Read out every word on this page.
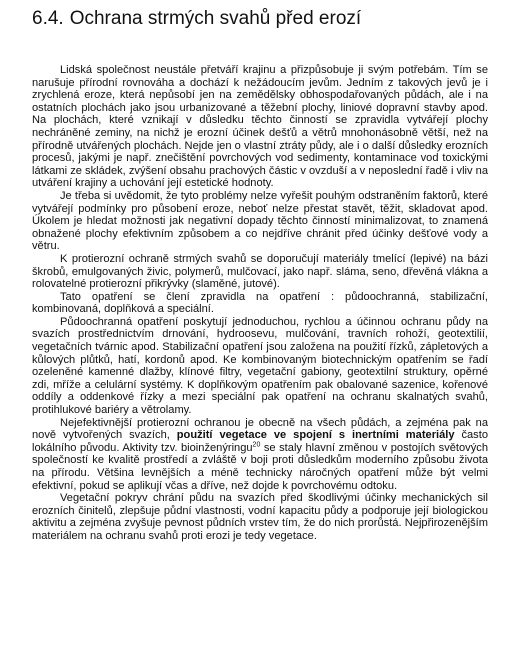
6.4. Ochrana strmých svahů před erozí

Lidská společnost neustále přetváří krajinu a přizpůsobuje ji svým potřebám. Tím se narušuje přírodní rovnováha a dochází k nežádoucím jevům. Jedním z takových jevů je i zrychlená eroze, která nepůsobí jen na zemědělsky obhospodařovaných půdách, ale i na ostatních plochách jako jsou urbanizované a těžební plochy, liniové dopravní stavby apod. Na plochách, které vznikají v důsledku těchto činností se zpravidla vytvářejí plochy nechráněné zeminy, na nichž je erozní účinek dešťů a větrů mnohonásobně větší, než na přírodně utvářených plochách. Nejde jen o vlastní ztráty půdy, ale i o další důsledky erozních procesů, jakými je např. znečištění povrchových vod sedimenty, kontaminace vod toxickými látkami ze skládek, zvýšení obsahu prachových částic v ovzduší a v neposlední řadě i vliv na utváření krajiny a uchování její estetické hodnoty.

Je třeba si uvědomit, že tyto problémy nelze vyřešit pouhým odstraněním faktorů, které vytvářejí podmínky pro působení eroze, neboť nelze přestat stavět, těžit, skladovat apod. Úkolem je hledat možnosti jak negativní dopady těchto činností minimalizovat, to znamená obnažené plochy efektivním způsobem a co nejdříve chránit před účinky dešťové vody a větru.

K protierozní ochraně strmých svahů se doporučují materiály tmelící (lepivé) na bázi škrobů, emulgovaných živic, polymerů, mulčovací, jako např. sláma, seno, dřevěná vlákna a rolovatelné protierozní přikrývky (slaměné, jutové).

Tato opatření se člení zpravidla na opatření : půdoochranná, stabilizační, kombinovaná, doplňková a speciální.

Půdoochranná opatření poskytují jednoduchou, rychlou a účinnou ochranu půdy na svazích prostřednictvím drnování, hydroosevu, mulčování, travních rohoží, geotextilií, vegetačních tvárnic apod. Stabilizační opatření jsou založena na použití řízků, zápletových a kůlových plůtků, hatí, kordonů apod. Ke kombinovaným biotechnickým opatřením se řadí ozeleněné kamenné dlažby, klínové filtry, vegetační gabiony, geotextilní struktury, opěrné zdi, mříže a celulární systémy. K doplňkovým opatřením pak obalované sazenice, kořenové oddíly a oddenkové řízky a mezi speciální pak opatření na ochranu skalnatých svahů, protihlukové bariéry a větrolamy.

Nejefektivnější protierozní ochranou je obecně na všech půdách, a zejména pak na nově vytvořených svazích, použití vegetace ve spojení s inertními materiály často lokálního původu. Aktivity tzv. bioinženýringu$^{20}$ se staly hlavní změnou v postojích světových společností ke kvalitě prostředí a zvláště v boji proti důsledkům moderního způsobu života na přírodu. Většina levnějších a méně technicky náročných opatření může být velmi efektivní, pokud se aplikují včas a dříve, než dojde k povrchovému odtoku.

Vegetační pokryv chrání půdu na svazích před škodlivými účinky mechanických sil erozních činitelů, zlepšuje půdní vlastnosti, vodní kapacitu půdy a podporuje její biologickou aktivitu a zejména zvyšuje pevnost půdních vrstev tím, že do nich prorůstá. Nejpřirozenějším materiálem na ochranu svahů proti erozi je tedy vegetace.
